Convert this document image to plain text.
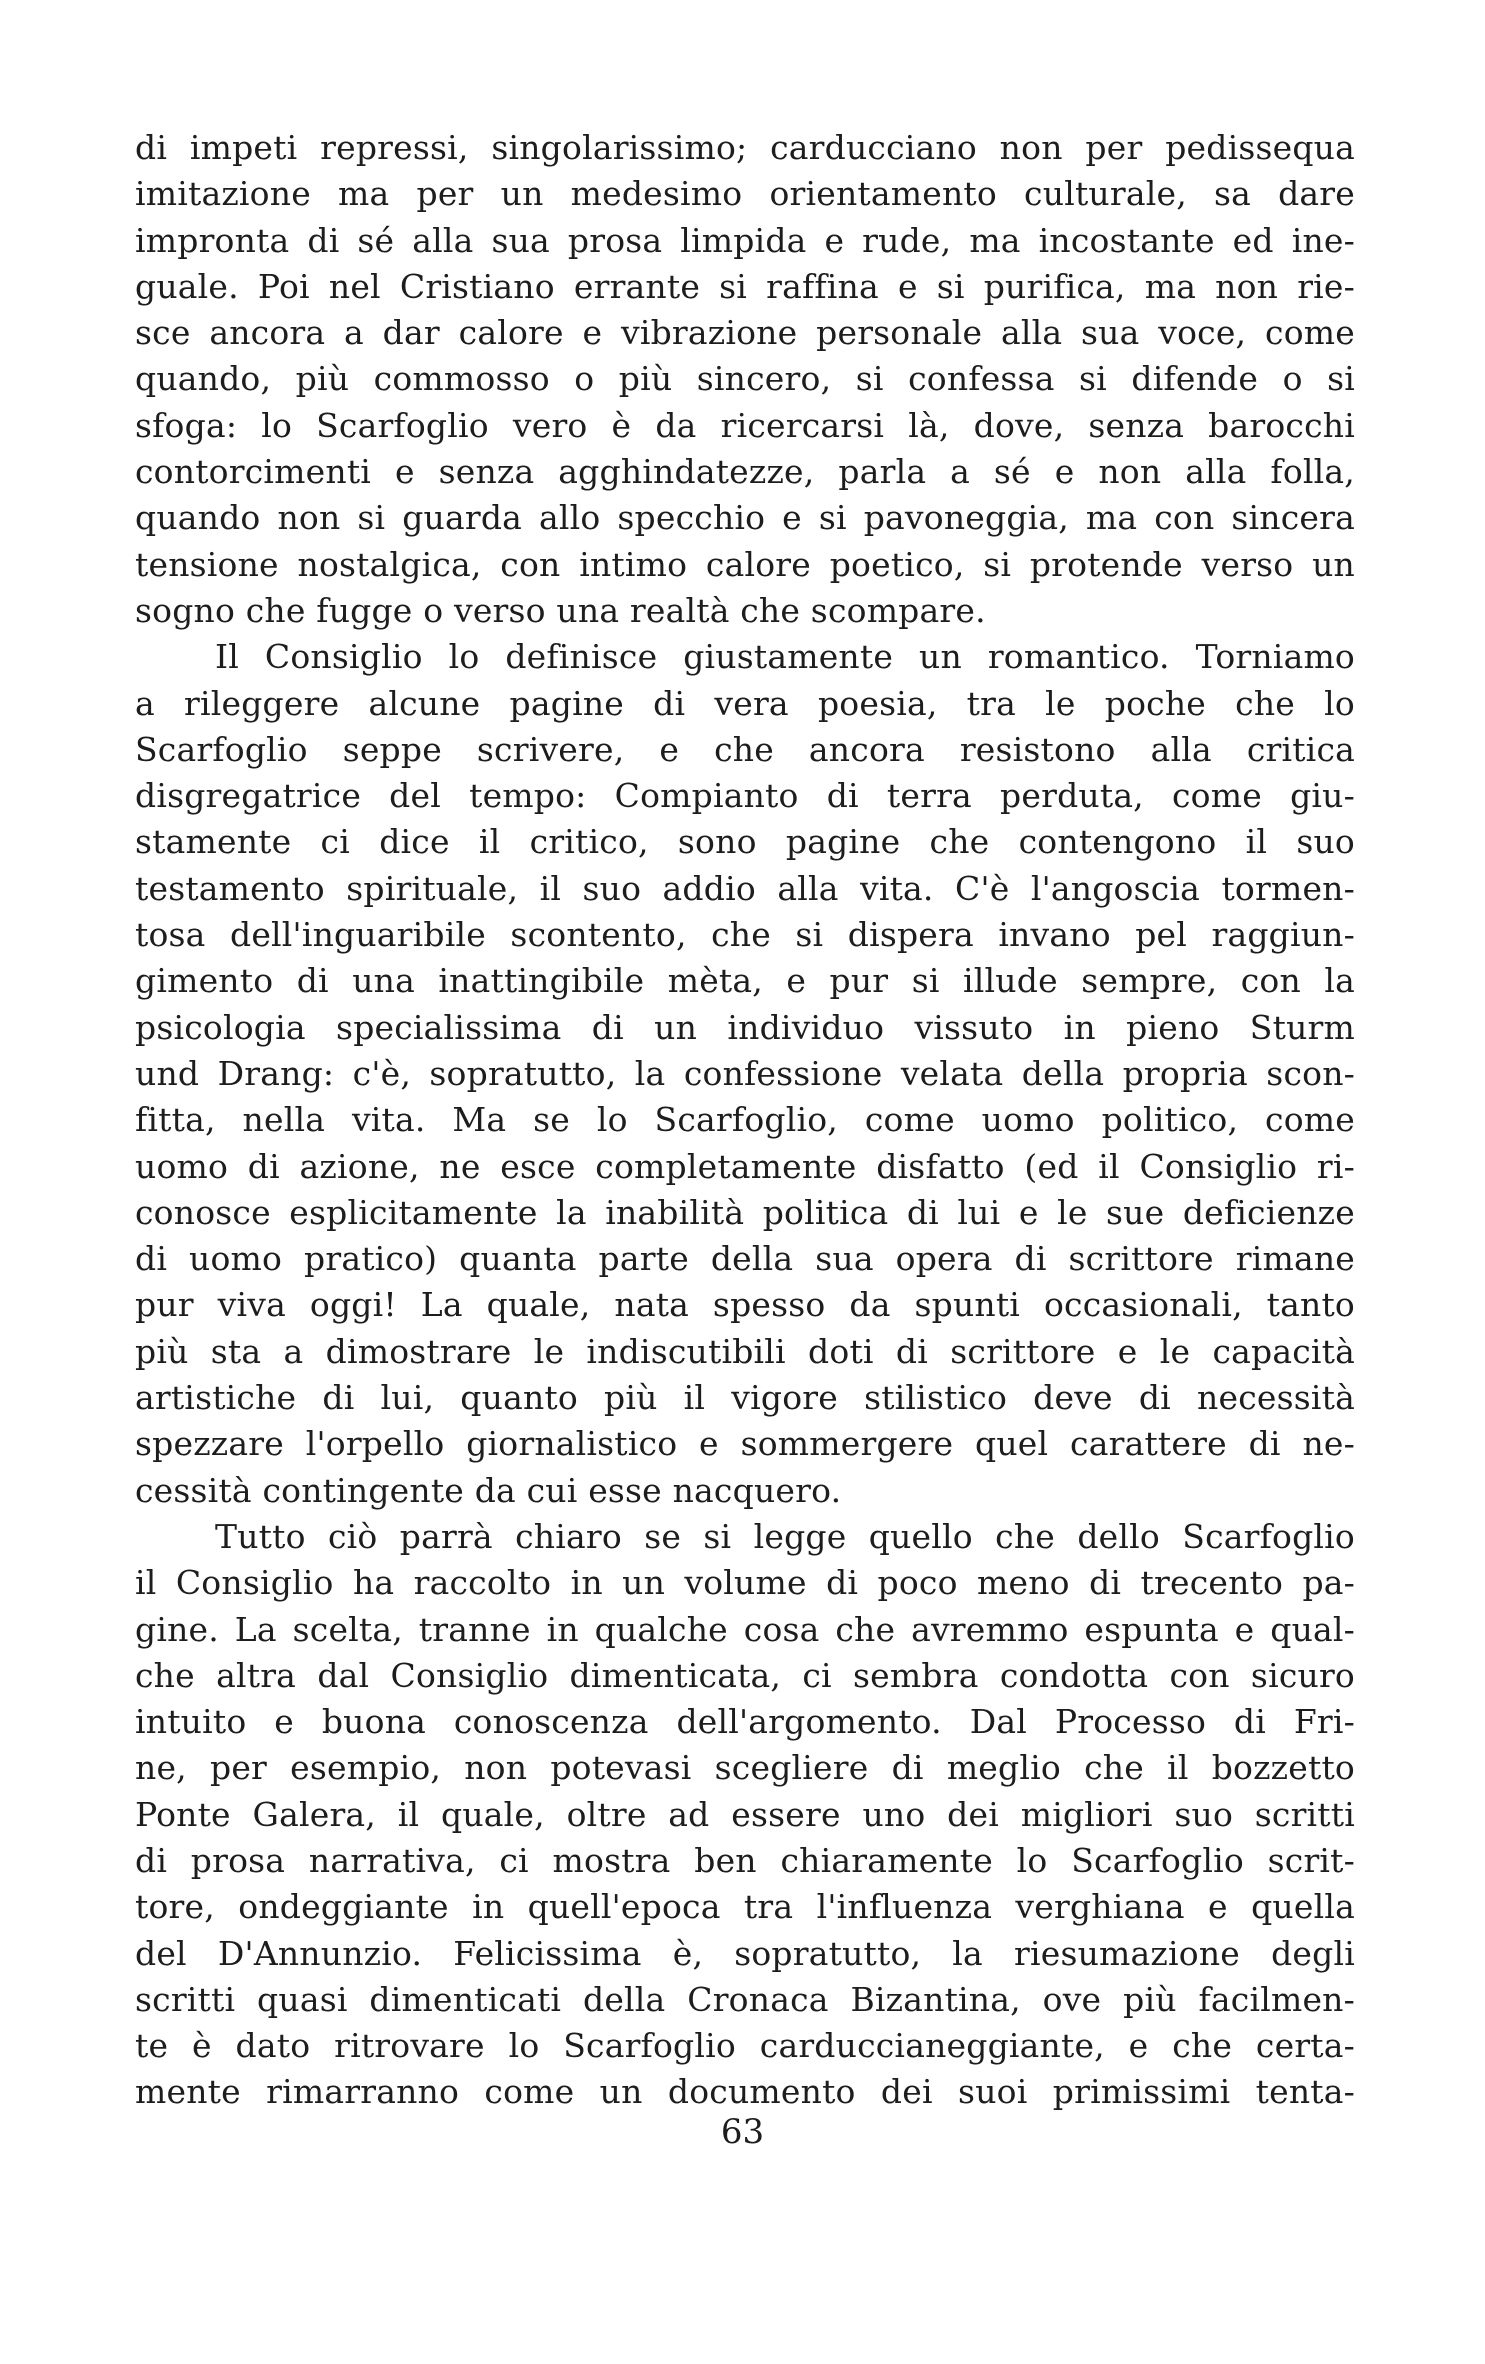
di impeti repressi, singolarissimo; carducciano non per pedissequa
imitazione ma per un medesimo orientamento culturale, sa dare
impronta di sé alla sua prosa limpida e rude, ma incostante ed ine-
guale. Poi nel Cristiano errante si raffina e si purifica, ma non rie-
sce ancora a dar calore e vibrazione personale alla sua voce, come
quando, più commosso o più sincero, si confessa si difende o si
sfoga: lo Scarfoglio vero è da ricercarsi là, dove, senza barocchi
contorcimenti e senza agghindatezze, parla a sé e non alla folla,
quando non si guarda allo specchio e si pavoneggia, ma con sincera
tensione nostalgica, con intimo calore poetico, si protende verso un
sogno che fugge o verso una realtà che scompare.
Il Consiglio lo definisce giustamente un romantico. Torniamo
a rileggere alcune pagine di vera poesia, tra le poche che lo
Scarfoglio seppe scrivere, e che ancora resistono alla critica
disgregatrice del tempo: Compianto di terra perduta, come giu-
stamente ci dice il critico, sono pagine che contengono il suo
testamento spirituale, il suo addio alla vita. C'è l'angoscia tormen-
tosa dell'inguaribile scontento, che si dispera invano pel raggiun-
gimento di una inattingibile mèta, e pur si illude sempre, con la
psicologia specialissima di un individuo vissuto in pieno Sturm
und Drang: c'è, sopratutto, la confessione velata della propria scon-
fitta, nella vita. Ma se lo Scarfoglio, come uomo politico, come
uomo di azione, ne esce completamente disfatto (ed il Consiglio ri-
conosce esplicitamente la inabilità politica di lui e le sue deficienze
di uomo pratico) quanta parte della sua opera di scrittore rimane
pur viva oggi! La quale, nata spesso da spunti occasionali, tanto
più sta a dimostrare le indiscutibili doti di scrittore e le capacità
artistiche di lui, quanto più il vigore stilistico deve di necessità
spezzare l'orpello giornalistico e sommergere quel carattere di ne-
cessità contingente da cui esse nacquero.
Tutto ciò parrà chiaro se si legge quello che dello Scarfoglio
il Consiglio ha raccolto in un volume di poco meno di trecento pa-
gine. La scelta, tranne in qualche cosa che avremmo espunta e qual-
che altra dal Consiglio dimenticata, ci sembra condotta con sicuro
intuito e buona conoscenza dell'argomento. Dal Processo di Fri-
ne, per esempio, non potevasi scegliere di meglio che il bozzetto
Ponte Galera, il quale, oltre ad essere uno dei migliori suo scritti
di prosa narrativa, ci mostra ben chiaramente lo Scarfoglio scrit-
tore, ondeggiante in quell'epoca tra l'influenza verghiana e quella
del D'Annunzio. Felicissima è, sopratutto, la riesumazione degli
scritti quasi dimenticati della Cronaca Bizantina, ove più facilmen-
te è dato ritrovare lo Scarfoglio carduccianeggiante, e che certa-
mente rimarranno come un documento dei suoi primissimi tenta-
63
